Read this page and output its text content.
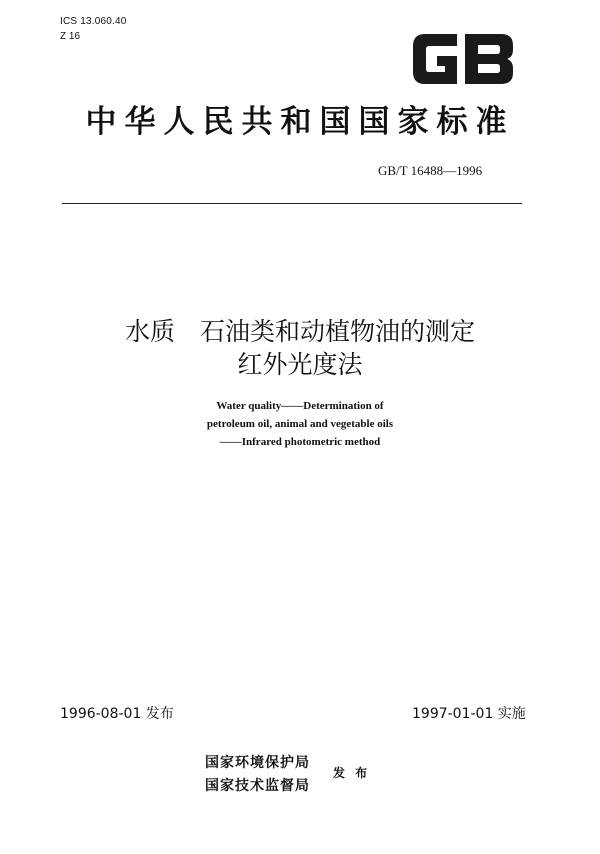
ICS 13.060.40
Z 16
中华人民共和国国家标准
GB/T 16488—1996
水质　石油类和动植物油的测定
红外光度法
Water quality——Determination of
petroleum oil, animal and vegetable oils
——Infrared photometric method
1996-08-01 发布	1997-01-01 实施
国家环境保护局
国家技术监督局
发 布
